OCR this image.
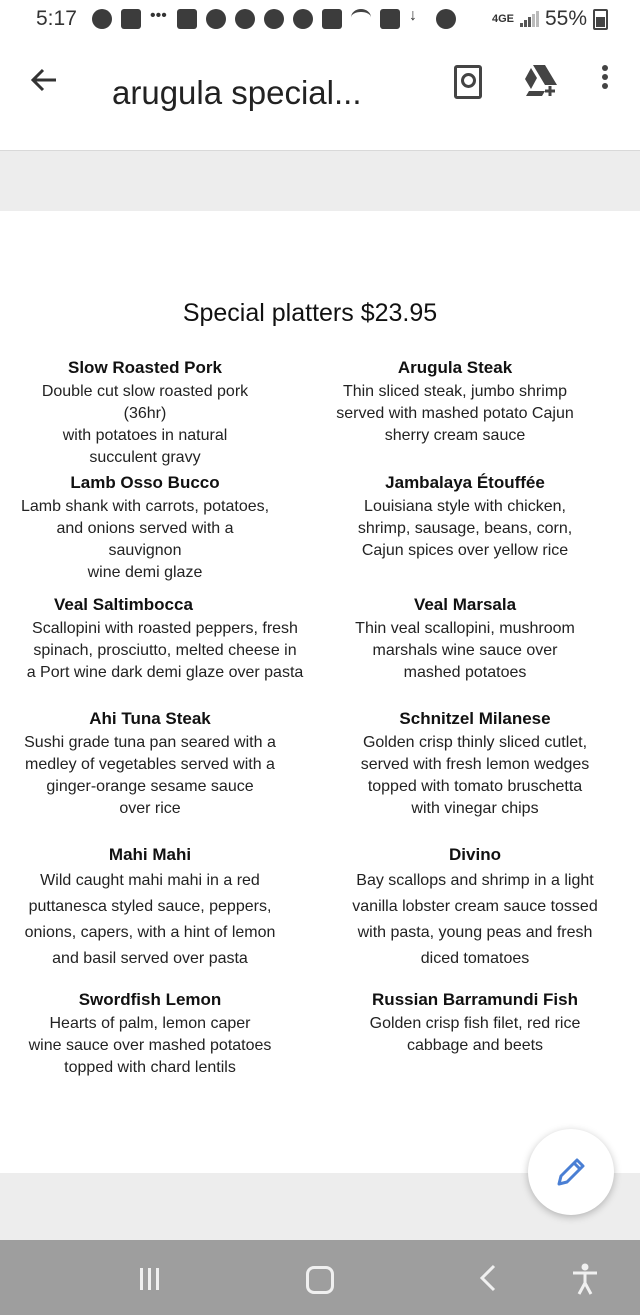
5:17	•••	↓	4GE 55%
arugula special...
Special platters $23.95
Slow Roasted Pork
Double cut slow roasted pork (36hr)
with potatoes in natural
succulent gravy
Lamb Osso Bucco
Lamb shank with carrots, potatoes,
and onions served with a sauvignon
wine demi glaze
Veal Saltimbocca
Scallopini with roasted peppers, fresh
spinach, prosciutto, melted cheese in
a Port wine dark demi glaze over pasta
Ahi Tuna Steak
Sushi grade tuna pan seared with a
medley of vegetables served with a
ginger-orange sesame sauce
over rice
Mahi Mahi
Wild caught mahi mahi in a red
puttanesca styled sauce, peppers,
onions, capers, with a hint of lemon
and basil served over pasta
Swordfish Lemon
Hearts of palm, lemon caper
wine sauce over mashed potatoes
topped with chard lentils
Arugula Steak
Thin sliced steak, jumbo shrimp
served with mashed potato Cajun
sherry cream sauce
Jambalaya Étouffée
Louisiana style with chicken,
shrimp, sausage, beans, corn,
Cajun spices over yellow rice
Veal Marsala
Thin veal scallopini, mushroom
marshals wine sauce over
mashed potatoes
Schnitzel Milanese
Golden crisp thinly sliced cutlet,
served with fresh lemon wedges
topped with tomato bruschetta
with vinegar chips
Divino
Bay scallops and shrimp in a light
vanilla lobster cream sauce tossed
with pasta, young peas and fresh
diced tomatoes
Russian Barramundi Fish
Golden crisp fish filet, red rice
cabbage and beets
